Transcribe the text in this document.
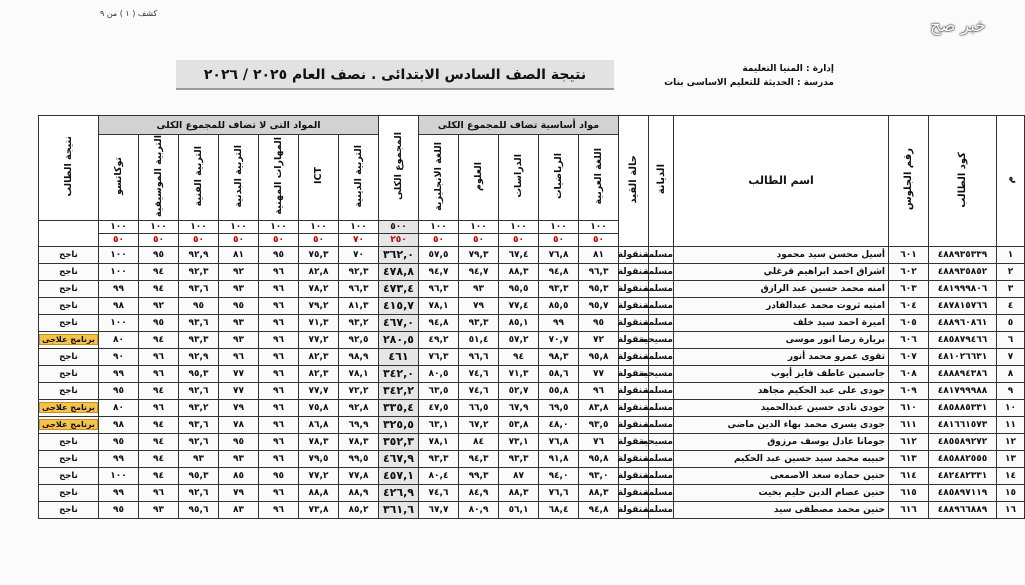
كشف ( ١ ) من ٩
خبر صح
نتيجة الصف السادس الابتدائى . نصف العام ٢٠٢٥ / ٢٠٢٦	إدارة : المنيا التعليمة
مدرسة : الحديثة للتعليم الاساسى بنات
م	كود الطالب	رقم الجلوس	اسم الطالب	الديانة	حالة القيد	مواد أساسية تضاف للمجموع الكلى					المجموع الكلى	المواد التى لا تضاف للمجموع الكلى							نتيجة الطالب
						اللغة العربية	الرياضيات	الدراسات	العلوم	اللغة الانجليزية		التربية الدينية	ICT	المهارات المهنية	التربية البدنية	التربية الفنية	التربية الموسيقية	توكاتسو	
						١٠٠	١٠٠	١٠٠	١٠٠	١٠٠	٥٠٠	١٠٠	١٠٠	١٠٠	١٠٠	١٠٠	١٠٠	١٠٠	
						٥٠	٥٠	٥٠	٥٠	٥٠	٢٥٠	٧٠	٥٠	٥٠	٥٠	٥٠	٥٠	٥٠	
١	٤٨٨٩٣٥٣٣٩	٦٠١	أسيل محسن سيد محمود	مسلمة	منقولة	٨١	٧٦,٨	٦٧,٤	٧٩,٣	٥٧,٥	٣٦٢,٠	٧٠	٧٥,٣	٩٥	٨١	٩٢,٩	٩٥	١٠٠	ناجح
٢	٤٨٨٩٣٥٨٥٢	٦٠٢	اشراق احمد ابراهيم قرغلي	مسلمة	منقولة	٩٦,٣	٩٤,٨	٨٨,٣	٩٤,٧	٩٤,٧	٤٧٨,٨	٩٢,٣	٨٢,٨	٩٦	٩٢	٩٢,٣	٩٤	١٠٠	ناجح
٣	٤٨١٩٩٩٨٠٦	٦٠٣	امنه محمد حسين عبد الرازق	مسلمة	منقولة	٩٥,٣	٩٣,٣	٩٥,٥	٩٣	٩٦,٣	٤٧٣,٤	٩٦,٣	٧٨,٢	٩٦	٩٣	٩٣,٦	٩٤	٩٩	ناجح
٤	٤٨٧٨١٥٧٦٦	٦٠٤	امنيه ثروت محمد عبدالقادر	مسلمة	منقولة	٩٥,٧	٨٥,٥	٧٧,٤	٧٩	٧٨,١	٤١٥,٧	٨١,٣	٧٩,٢	٩٦	٩٥	٩٥	٩٢	٩٨	ناجح
٥	٤٨٨٩٦٠٨٦١	٦٠٥	اميرة احمد سيد خلف	مسلمة	منقولة	٩٥	٩٩	٨٥,١	٩٣,٣	٩٤,٨	٤٦٧,٠	٩٣,٢	٧١,٣	٩٦	٩٣	٩٣,٦	٩٥	١٠٠	ناجح
٦	٤٨٥٨٧٩٤٦٦	٦٠٦	بريارة رضا انور موسى	مسيحية	منقولة	٧٢	٧٠,٧	٥٧,٢	٥١,٤	٤٩,٢	٢٨٠,٥	٩٢,٥	٧٧,٢	٩٦	٩٣	٩٣,٣	٩٤	٨٠	برنامج علاجى
٧	٤٨١٠٢٦٦٣١	٦٠٧	تقوى عمرو محمد أنور	مسلمة	منقولة	٩٥,٨	٩٨,٣	٩٤	٩٦,٦	٧٦,٣	٤٦١	٩٨,٩	٨٢,٣	٩٦	٩٦	٩٢,٩	٩٦	٩٠	ناجح
٨	٤٨٨٨٩٤٣٨٦	٦٠٨	جاسمين عاطف فايز أيوب	مسيحية	منقولة	٧٧	٥٨,٦	٧١,٣	٧٤,٦	٨٠,٥	٣٤٢,٠	٧٨,١	٨٢,٣	٩٦	٧٧	٩٥,٣	٩٦	٩٩	ناجح
٩	٤٨١٧٩٩٩٨٨	٦٠٩	جودى على عبد الحكيم مجاهد	مسلمة	منقولة	٩٦	٥٥,٨	٥٢,٧	٧٤,٦	٦٣,٥	٣٤٢,٢	٧٢,٢	٧٧,٧	٩٦	٧٧	٩٢,٦	٩٤	٩٥	ناجح
١٠	٤٨٥٨٨٥٣٣١	٦١٠	جودى نادى حسين عبدالحميد	مسلمة	منقولة	٨٣,٨	٦٩,٥	٦٧,٩	٦٦,٥	٤٧,٥	٣٣٥,٤	٩٢,٨	٧٥,٨	٩٦	٧٩	٩٣,٢	٩٦	٨٠	برنامج علاجى
١١	٤٨١٦٦١٥٧٣	٦١١	جودى يسرى محمد بهاء الدين ماضى	مسلمة	منقولة	٩٣,٥	٤٨,٠	٥٣,٨	٦٧,٢	٦٣,١	٣٢٥,٥	٦٩,٩	٨٦,٨	٩٦	٧٨	٩٣,٦	٩٤	٩٨	برنامج علاجى
١٢	٤٨٥٥٨٩٢٧٢	٦١٢	جومانا عادل يوسف مرزوق	مسيحية	منقولة	٧٦	٧٦,٨	٧٣,١	٨٤	٧٨,١	٣٥٢,٣	٧٨,٣	٧٨,٣	٩٦	٩٥	٩٢,٦	٩٤	٩٥	ناجح
١٣	٤٨٥٨٨٢٥٥٥	٦١٣	حبيبه محمد سيد حسين عبد الحكيم	مسلمة	منقولة	٩٥,٨	٩١,٨	٩٣,٣	٩٤,٣	٩٣,٣	٤٦٧,٩	٩٩,٥	٧٩,٥	٩٦	٩٣	٩٣	٩٤	٩٩	ناجح
١٤	٤٨٢٤٨٢٣٣١	٦١٤	حنين حماده سعد الاصمعى	مسلمة	منقولة	٩٣,٠	٩٤,٠	٨٧	٩٩,٣	٨٠,٤	٤٥٧,١	٧٧,٨	٧٧,٢	٩٥	٨٥	٩٥,٣	٩٤	١٠٠	ناجح
١٥	٤٨٥٨٩٧١١٩	٦١٥	حنين عصام الدين حليم بخيت	مسلمة	منقولة	٨٨,٣	٧٦,٦	٨٨,٣	٨٤,٩	٧٤,٦	٤٢٦,٩	٨٨,٩	٨٨,٨	٩٦	٧٩	٩٢,٦	٩٦	٩٩	ناجح
١٦	٤٨٨٩٦٦٨٨٩	٦١٦	حنين محمد مصطفى سيد	مسلمة	منقولة	٩٤,٨	٦٨,٤	٥٦,١	٨٠,٩	٦٧,٧	٣٦١,٦	٨٥,٢	٧٣,٨	٩٦	٨٣	٩٥,٦	٩٣	٩٥	ناجح
